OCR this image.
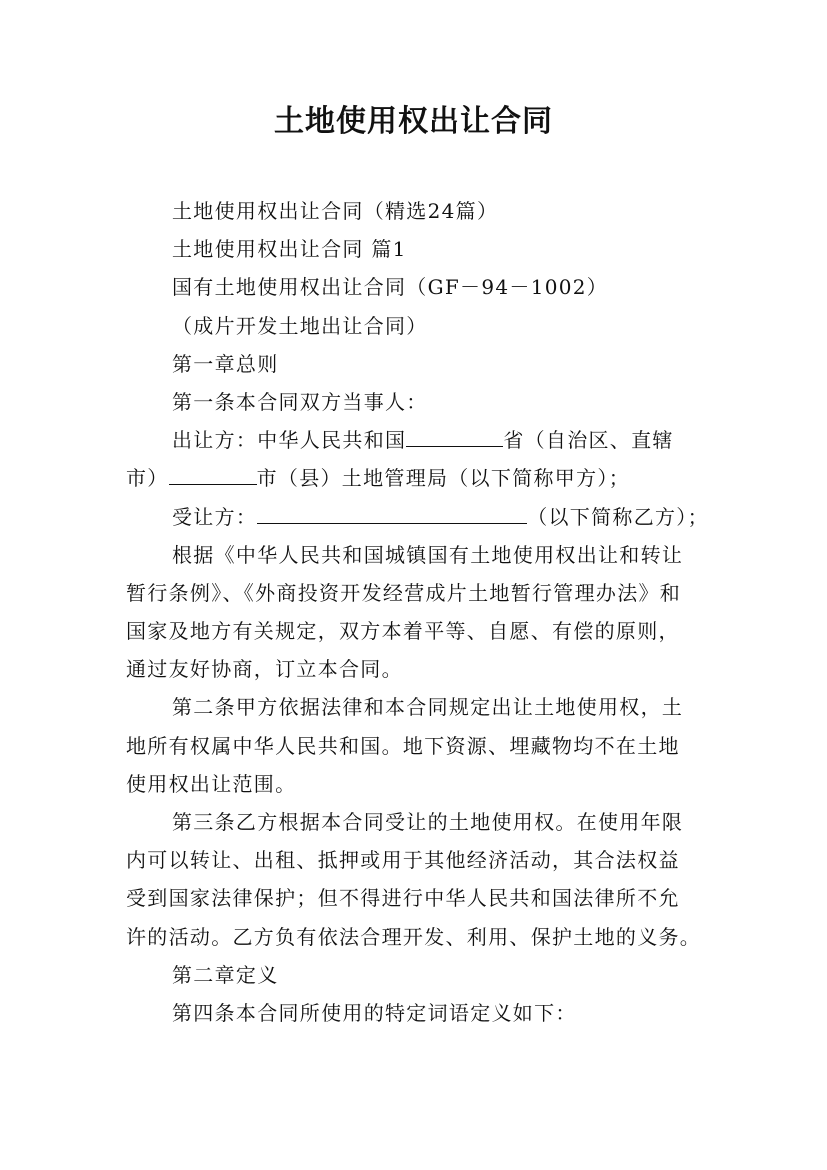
土地使用权出让合同
土地使用权出让合同（精选24篇）
土地使用权出让合同 篇1
国有土地使用权出让合同（GF－94－1002）
（成片开发土地出让合同）
第一章总则
第一条本合同双方当事人：
出让方：中华人民共和国	省（自治区、直辖
市）	市（县）土地管理局（以下简称甲方）；
受让方：	（以下简称乙方）；
根据《中华人民共和国城镇国有土地使用权出让和转让
暂行条例》、《外商投资开发经营成片土地暂行管理办法》和
国家及地方有关规定，双方本着平等、自愿、有偿的原则，
通过友好协商，订立本合同。
第二条甲方依据法律和本合同规定出让土地使用权，土
地所有权属中华人民共和国。地下资源、埋藏物均不在土地
使用权出让范围。
第三条乙方根据本合同受让的土地使用权。在使用年限
内可以转让、出租、抵押或用于其他经济活动，其合法权益
受到国家法律保护；但不得进行中华人民共和国法律所不允
许的活动。乙方负有依法合理开发、利用、保护土地的义务。
第二章定义
第四条本合同所使用的特定词语定义如下：
